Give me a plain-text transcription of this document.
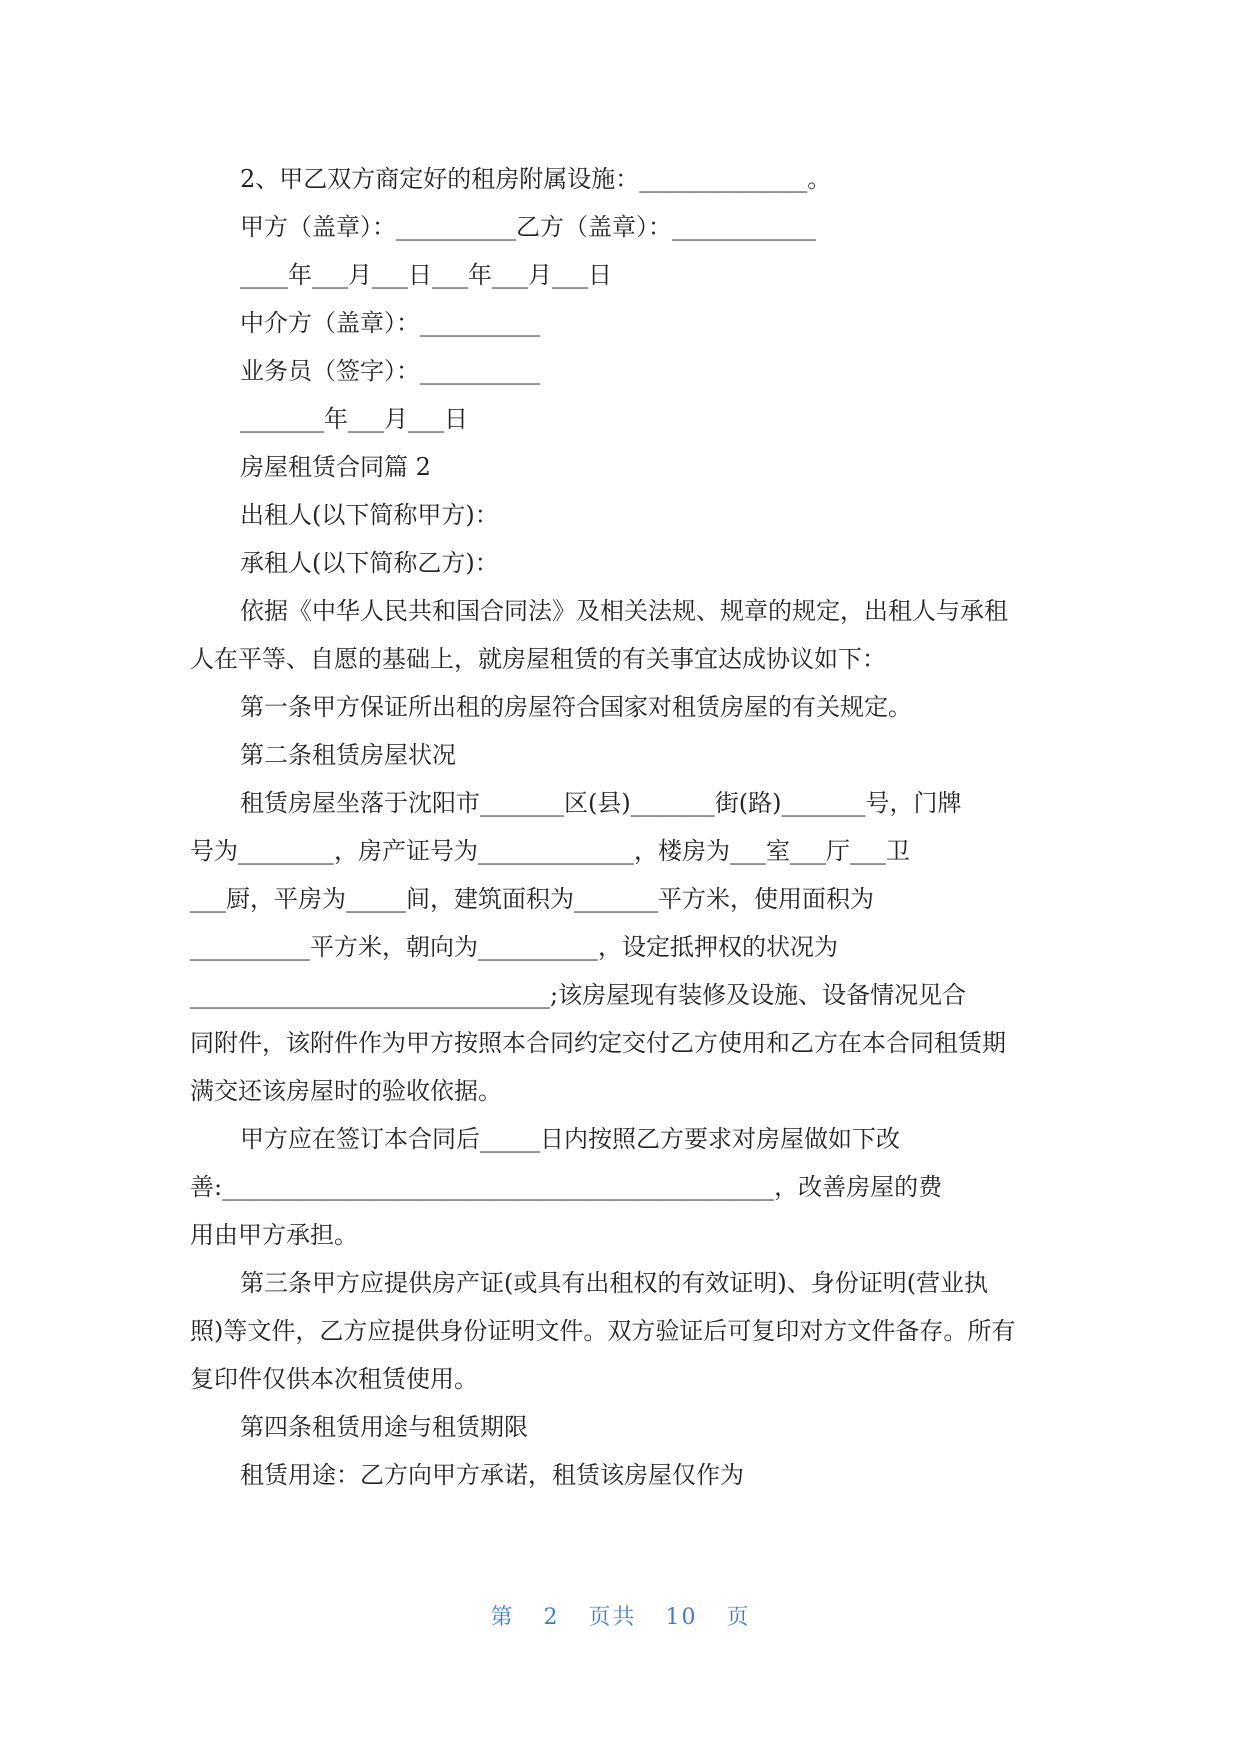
2、甲乙双方商定好的租房附属设施：______________。
甲方（盖章）：__________乙方（盖章）：____________
____年___月___日___年___月___日
中介方（盖章）：__________
业务员（签字）：__________
_______年___月___日
房屋租赁合同篇 2
出租人(以下简称甲方)：
承租人(以下简称乙方)：
依据《中华人民共和国合同法》及相关法规、规章的规定，出租人与承租
人在平等、自愿的基础上，就房屋租赁的有关事宜达成协议如下：
第一条甲方保证所出租的房屋符合国家对租赁房屋的有关规定。
第二条租赁房屋状况
租赁房屋坐落于沈阳市_______区(县)_______街(路)_______号，门牌
号为________，房产证号为_____________，楼房为___室___厅___卫
___厨，平房为_____间，建筑面积为_______平方米，使用面积为
__________平方米，朝向为__________，设定抵押权的状况为
______________________________;该房屋现有装修及设施、设备情况见合
同附件，该附件作为甲方按照本合同约定交付乙方使用和乙方在本合同租赁期
满交还该房屋时的验收依据。
甲方应在签订本合同后_____日内按照乙方要求对房屋做如下改
善:______________________________________________，改善房屋的费
用由甲方承担。
第三条甲方应提供房产证(或具有出租权的有效证明)、身份证明(营业执
照)等文件，乙方应提供身份证明文件。双方验证后可复印对方文件备存。所有
复印件仅供本次租赁使用。
第四条租赁用途与租赁期限
租赁用途：乙方向甲方承诺，租赁该房屋仅作为
第 2 页共 10 页
